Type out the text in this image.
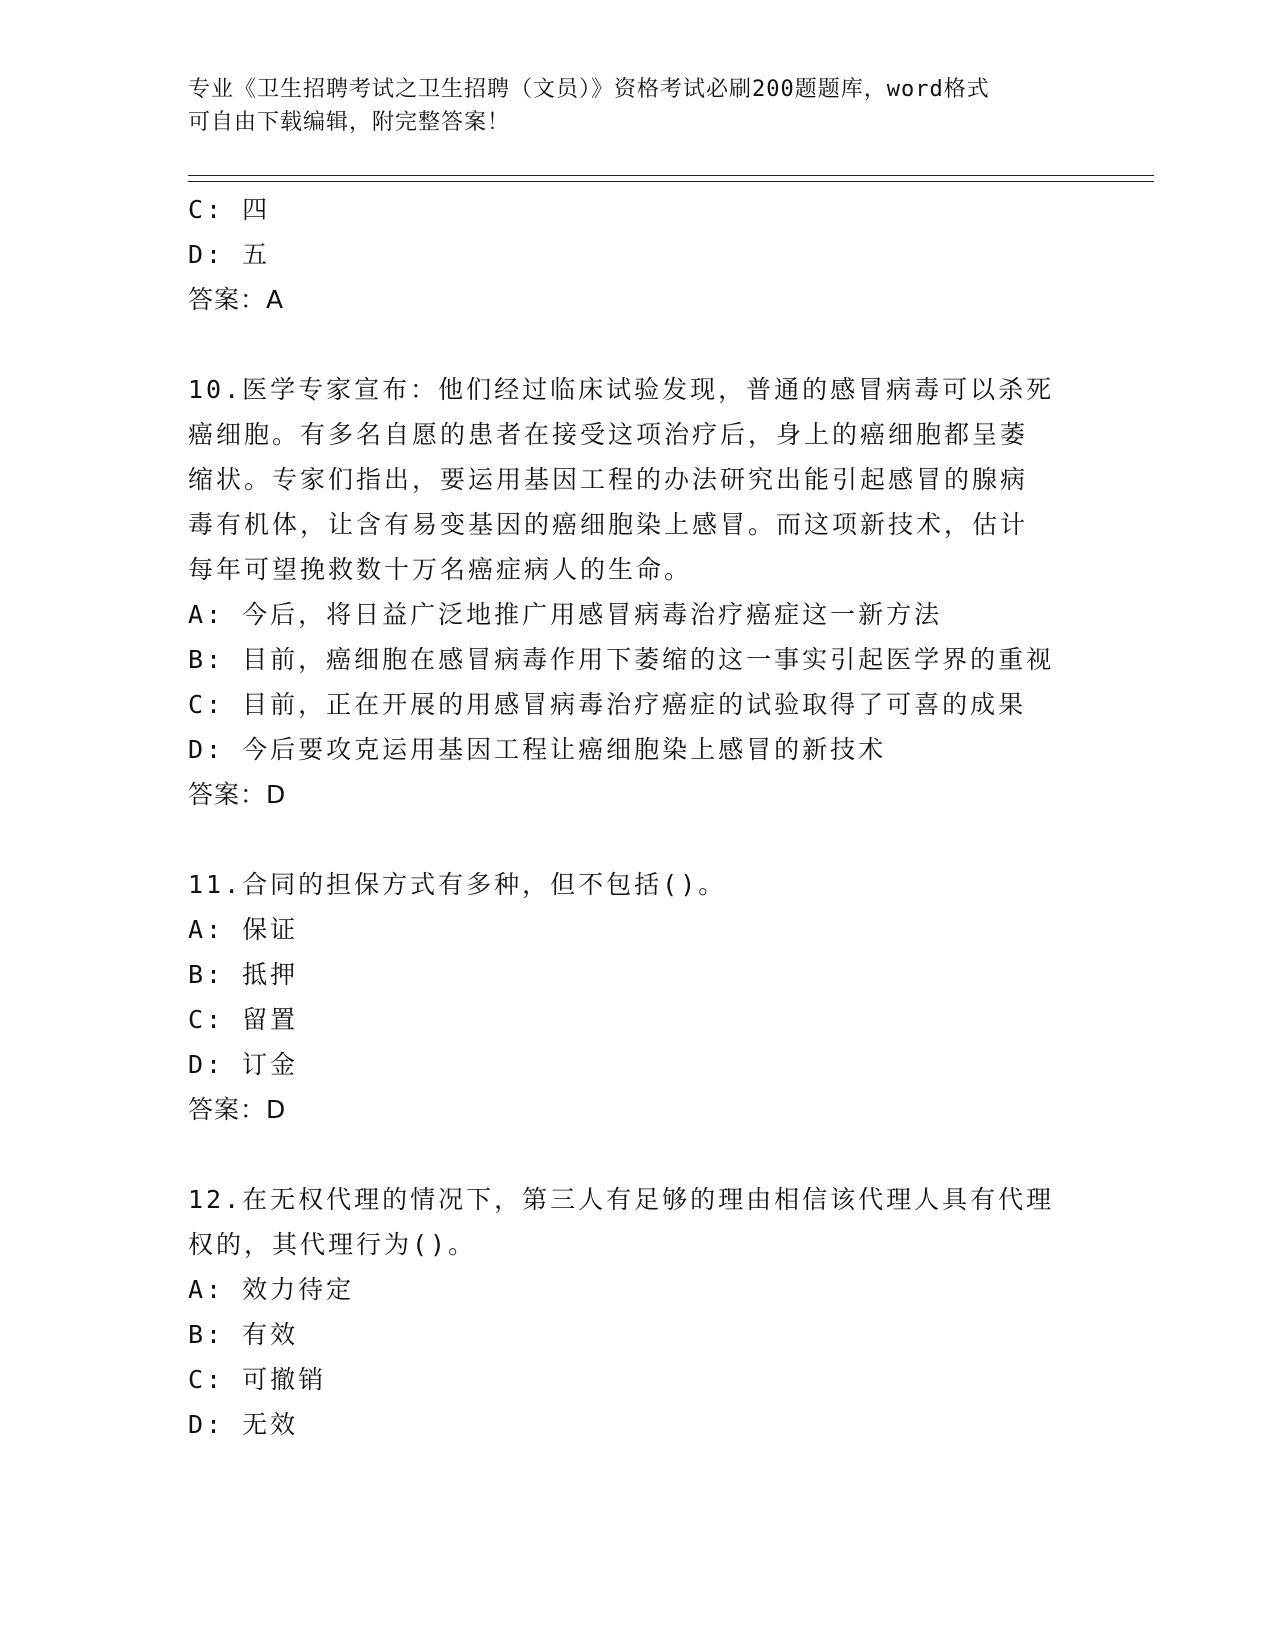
专业《卫生招聘考试之卫生招聘（文员）》资格考试必刷200题题库，word格式
可自由下载编辑，附完整答案！
C: 四
D: 五
答案：A
10.医学专家宣布：他们经过临床试验发现，普通的感冒病毒可以杀死
癌细胞。有多名自愿的患者在接受这项治疗后，身上的癌细胞都呈萎
缩状。专家们指出，要运用基因工程的办法研究出能引起感冒的腺病
毒有机体，让含有易变基因的癌细胞染上感冒。而这项新技术，估计
每年可望挽救数十万名癌症病人的生命。
A: 今后，将日益广泛地推广用感冒病毒治疗癌症这一新方法
B: 目前，癌细胞在感冒病毒作用下萎缩的这一事实引起医学界的重视
C: 目前，正在开展的用感冒病毒治疗癌症的试验取得了可喜的成果
D: 今后要攻克运用基因工程让癌细胞染上感冒的新技术
答案：D
11.合同的担保方式有多种，但不包括()。
A: 保证
B: 抵押
C: 留置
D: 订金
答案：D
12.在无权代理的情况下，第三人有足够的理由相信该代理人具有代理
权的，其代理行为()。
A: 效力待定
B: 有效
C: 可撤销
D: 无效
